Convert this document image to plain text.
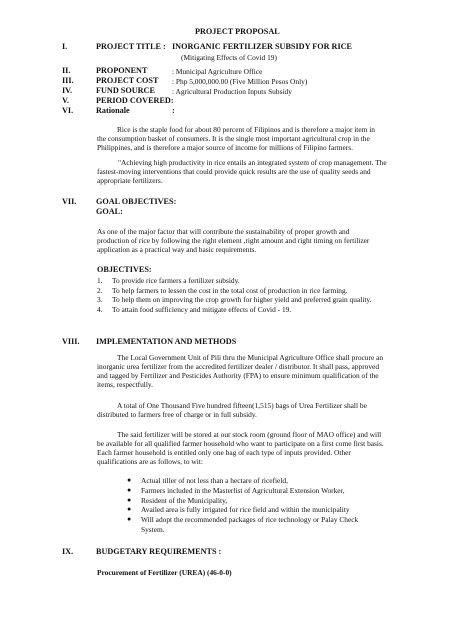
PROJECT PROPOSAL
I.	PROJECT TITLE : INORGANIC FERTILIZER SUBSIDY FOR RICE
(Mitigating Effects of Covid 19)
II.	PROPONENT	: Municipal Agriculture Office
III.	PROJECT COST : Php 5,000,000.00 (Five Million Pesos Only)
IV.	FUND SOURCE : Agricultural Production Inputs Subsidy
V.	PERIOD COVERED:
VI.	Rationale	:
Rice is the staple food for about 80 percent of Filipinos and is therefore a major item in
the consumption basket of consumers. It is the single most important agricultural crop in the
Philippines, and is therefore a major source of income for millions of Filipino farmers.
"Achieving high productivity in rice entails an integrated system of crop management. The
fastest-moving interventions that could provide quick results are the use of quality seeds and
appropriate fertilizers.
VII. GOAL OBJECTIVES:
GOAL:
As one of the major factor that will contribute the sustainability of proper growth and
production of rice by following the right element ,right amount and right timing on fertilizer
application as a practical way and basic requirements.
OBJECTIVES:
1.	To provide rice farmers a fertilizer subsidy.
2.	To help farmers to lessen the cost in the total cost of production in rice farming.
3.	To help them on improving the crop growth for higher yield and preferred grain quality.
4.	To attain food sufficiency and mitigate effects of Covid - 19.
VIII. IMPLEMENTATION AND METHODS
The Local Government Unit of Pili thru the Municipal Agriculture Office shall procure an
inorganic urea fertilizer from the accredited fertilizer dealer / distributor. It shall pass, approved
and tagged by Fertilizer and Pesticides Authority (FPA) to ensure minimum qualification of the
items, respectfully.
A total of One Thousand Five hundred fifteen(1,515) bags of Urea Fertilizer shall be
distributed to farmers free of charge or in full subsidy.
The said fertilizer will be stored at our stock room (ground floor of MAO office) and will
be available for all qualified farmer household who want to participate on a first come first basis.
Each farmer household is entitled only one bag of each type of inputs provided. Other
qualifications are as follows, to wit:
●	Actual tiller of not less than a hectare of ricefield,
●	Farmers included in the Masterlist of Agricultural Extension Worker,
●	Resident of the Municipality,
●	Availed area is fully irrigated for rice field and within the municipality
●	Will adopt the recommended packages of rice technology or Palay Check
System.
IX.	BUDGETARY REQUIREMENTS :
Procurement of Fertilizer (UREA) (46-0-0)
